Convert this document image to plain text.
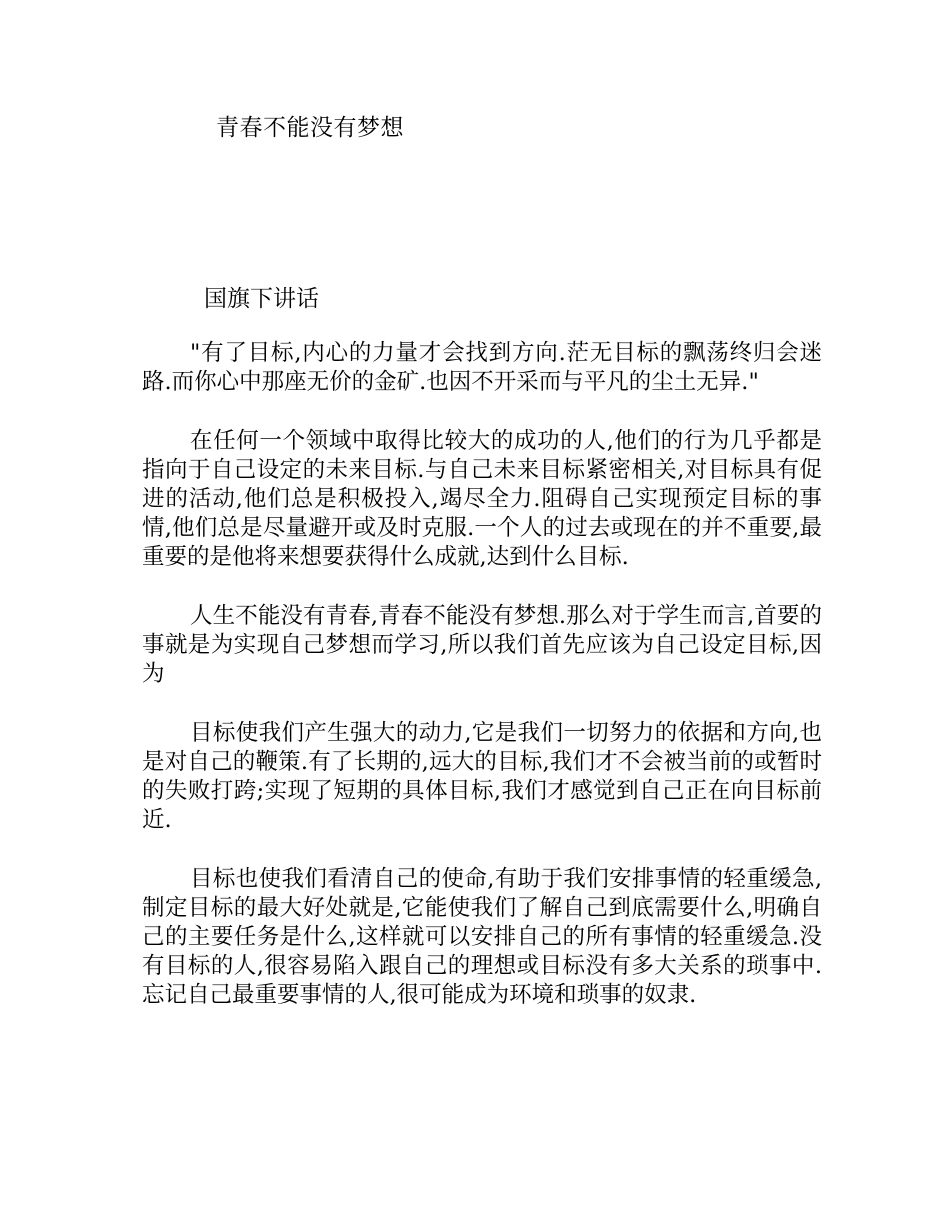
青春不能没有梦想
国旗下讲话

"有了目标,内心的力量才会找到方向.茫无目标的飘荡终归会迷路.而你心中那座无价的金矿.也因不开采而与平凡的尘土无异."

在任何一个领域中取得比较大的成功的人,他们的行为几乎都是指向于自己设定的未来目标.与自己未来目标紧密相关,对目标具有促进的活动,他们总是积极投入,竭尽全力.阻碍自己实现预定目标的事情,他们总是尽量避开或及时克服.一个人的过去或现在的并不重要,最重要的是他将来想要获得什么成就,达到什么目标.

人生不能没有青春,青春不能没有梦想.那么对于学生而言,首要的事就是为实现自己梦想而学习,所以我们首先应该为自己设定目标,因为

目标使我们产生强大的动力,它是我们一切努力的依据和方向,也是对自己的鞭策.有了长期的,远大的目标,我们才不会被当前的或暂时的失败打跨;实现了短期的具体目标,我们才感觉到自己正在向目标前近.

目标也使我们看清自己的使命,有助于我们安排事情的轻重缓急,制定目标的最大好处就是,它能使我们了解自己到底需要什么,明确自己的主要任务是什么,这样就可以安排自己的所有事情的轻重缓急.没有目标的人,很容易陷入跟自己的理想或目标没有多大关系的琐事中.忘记自己最重要事情的人,很可能成为环境和琐事的奴隶.
